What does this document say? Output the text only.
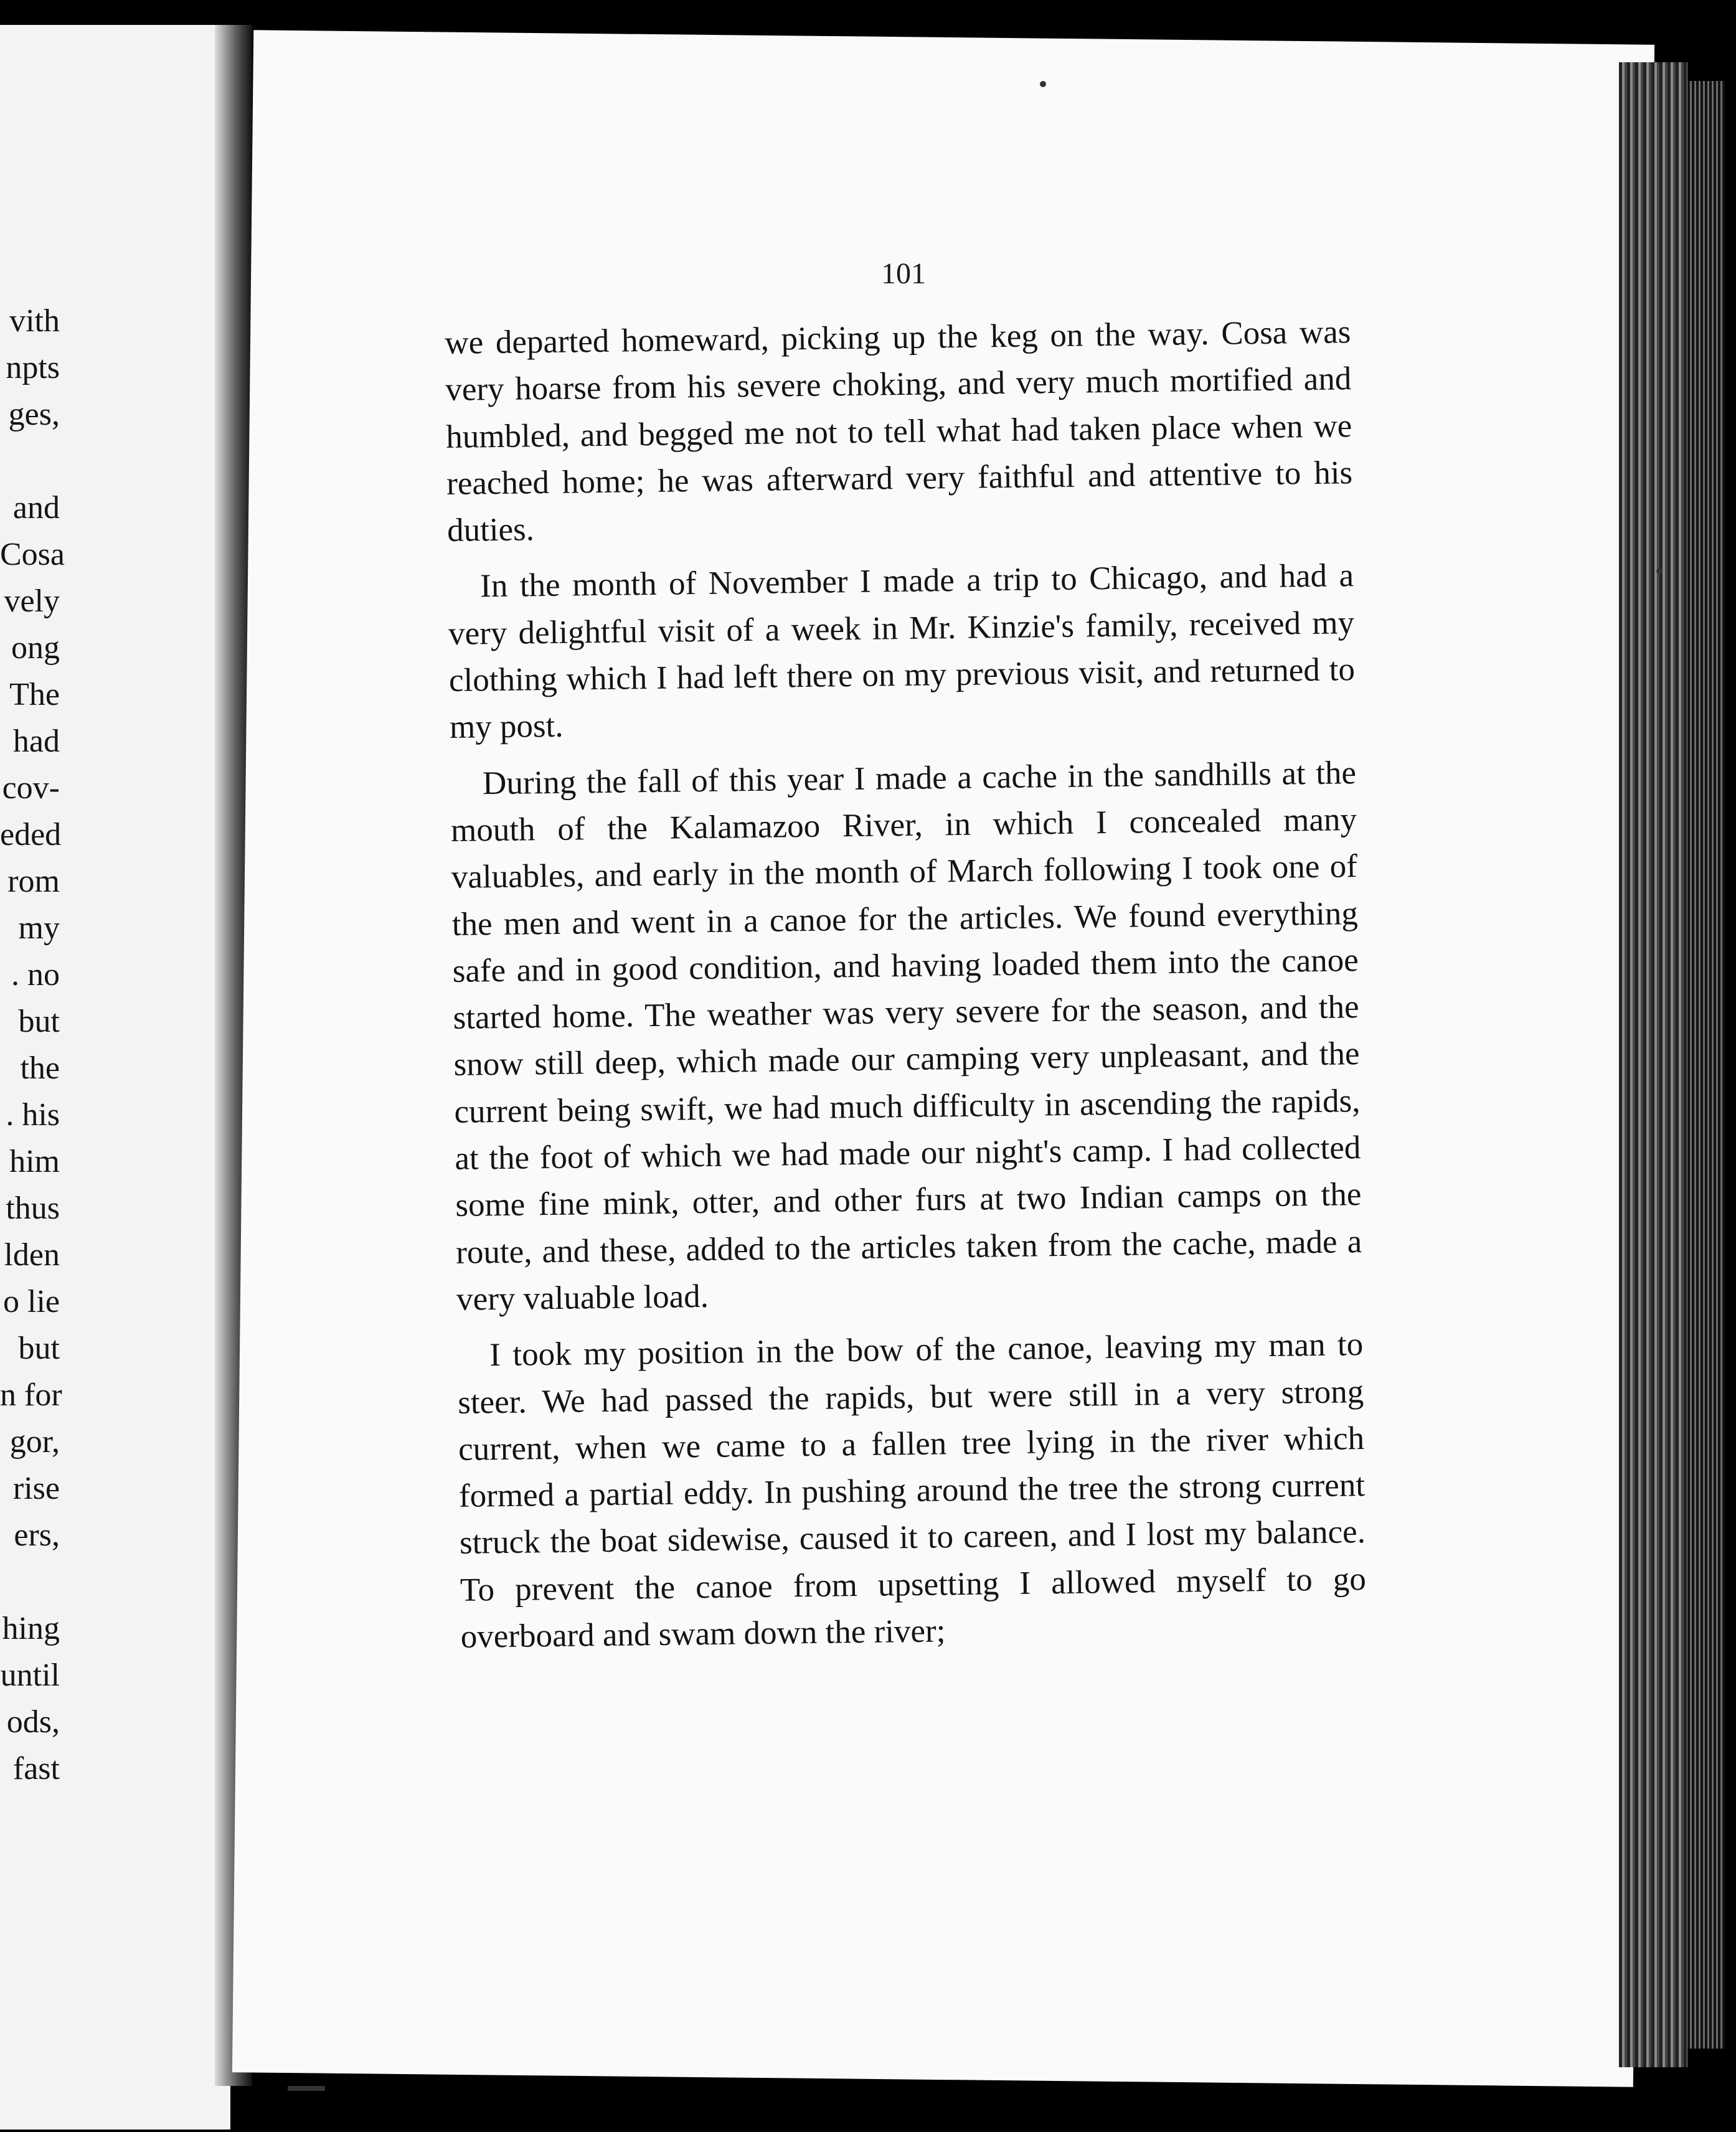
vith
npts
ges,
and
Cosa
vely
ong
The
had
cov-
eded
rom
my
. no
but
the
. his
him
thus
lden
o lie
but
n for
gor,
rise
ers,
hing
until
ods,
fast
101

we departed homeward, picking up the keg on the way. Cosa was very hoarse from his severe choking, and very much mortified and humbled, and begged me not to tell what had taken place when we reached home; he was afterward very faithful and attentive to his duties.

In the month of November I made a trip to Chicago, and had a very delightful visit of a week in Mr. Kinzie's family, received my clothing which I had left there on my previous visit, and returned to my post.

During the fall of this year I made a cache in the sandhills at the mouth of the Kalamazoo River, in which I concealed many valuables, and early in the month of March following I took one of the men and went in a canoe for the articles. We found everything safe and in good condition, and having loaded them into the canoe started home. The weather was very severe for the season, and the snow still deep, which made our camping very unpleasant, and the current being swift, we had much difficulty in ascending the rapids, at the foot of which we had made our night's camp. I had collected some fine mink, otter, and other furs at two Indian camps on the route, and these, added to the articles taken from the cache, made a very valuable load.

I took my position in the bow of the canoe, leaving my man to steer. We had passed the rapids, but were still in a very strong current, when we came to a fallen tree lying in the river which formed a partial eddy. In pushing around the tree the strong current struck the boat sidewise, caused it to careen, and I lost my balance. To prevent the canoe from upsetting I allowed myself to go overboard and swam down the river;
